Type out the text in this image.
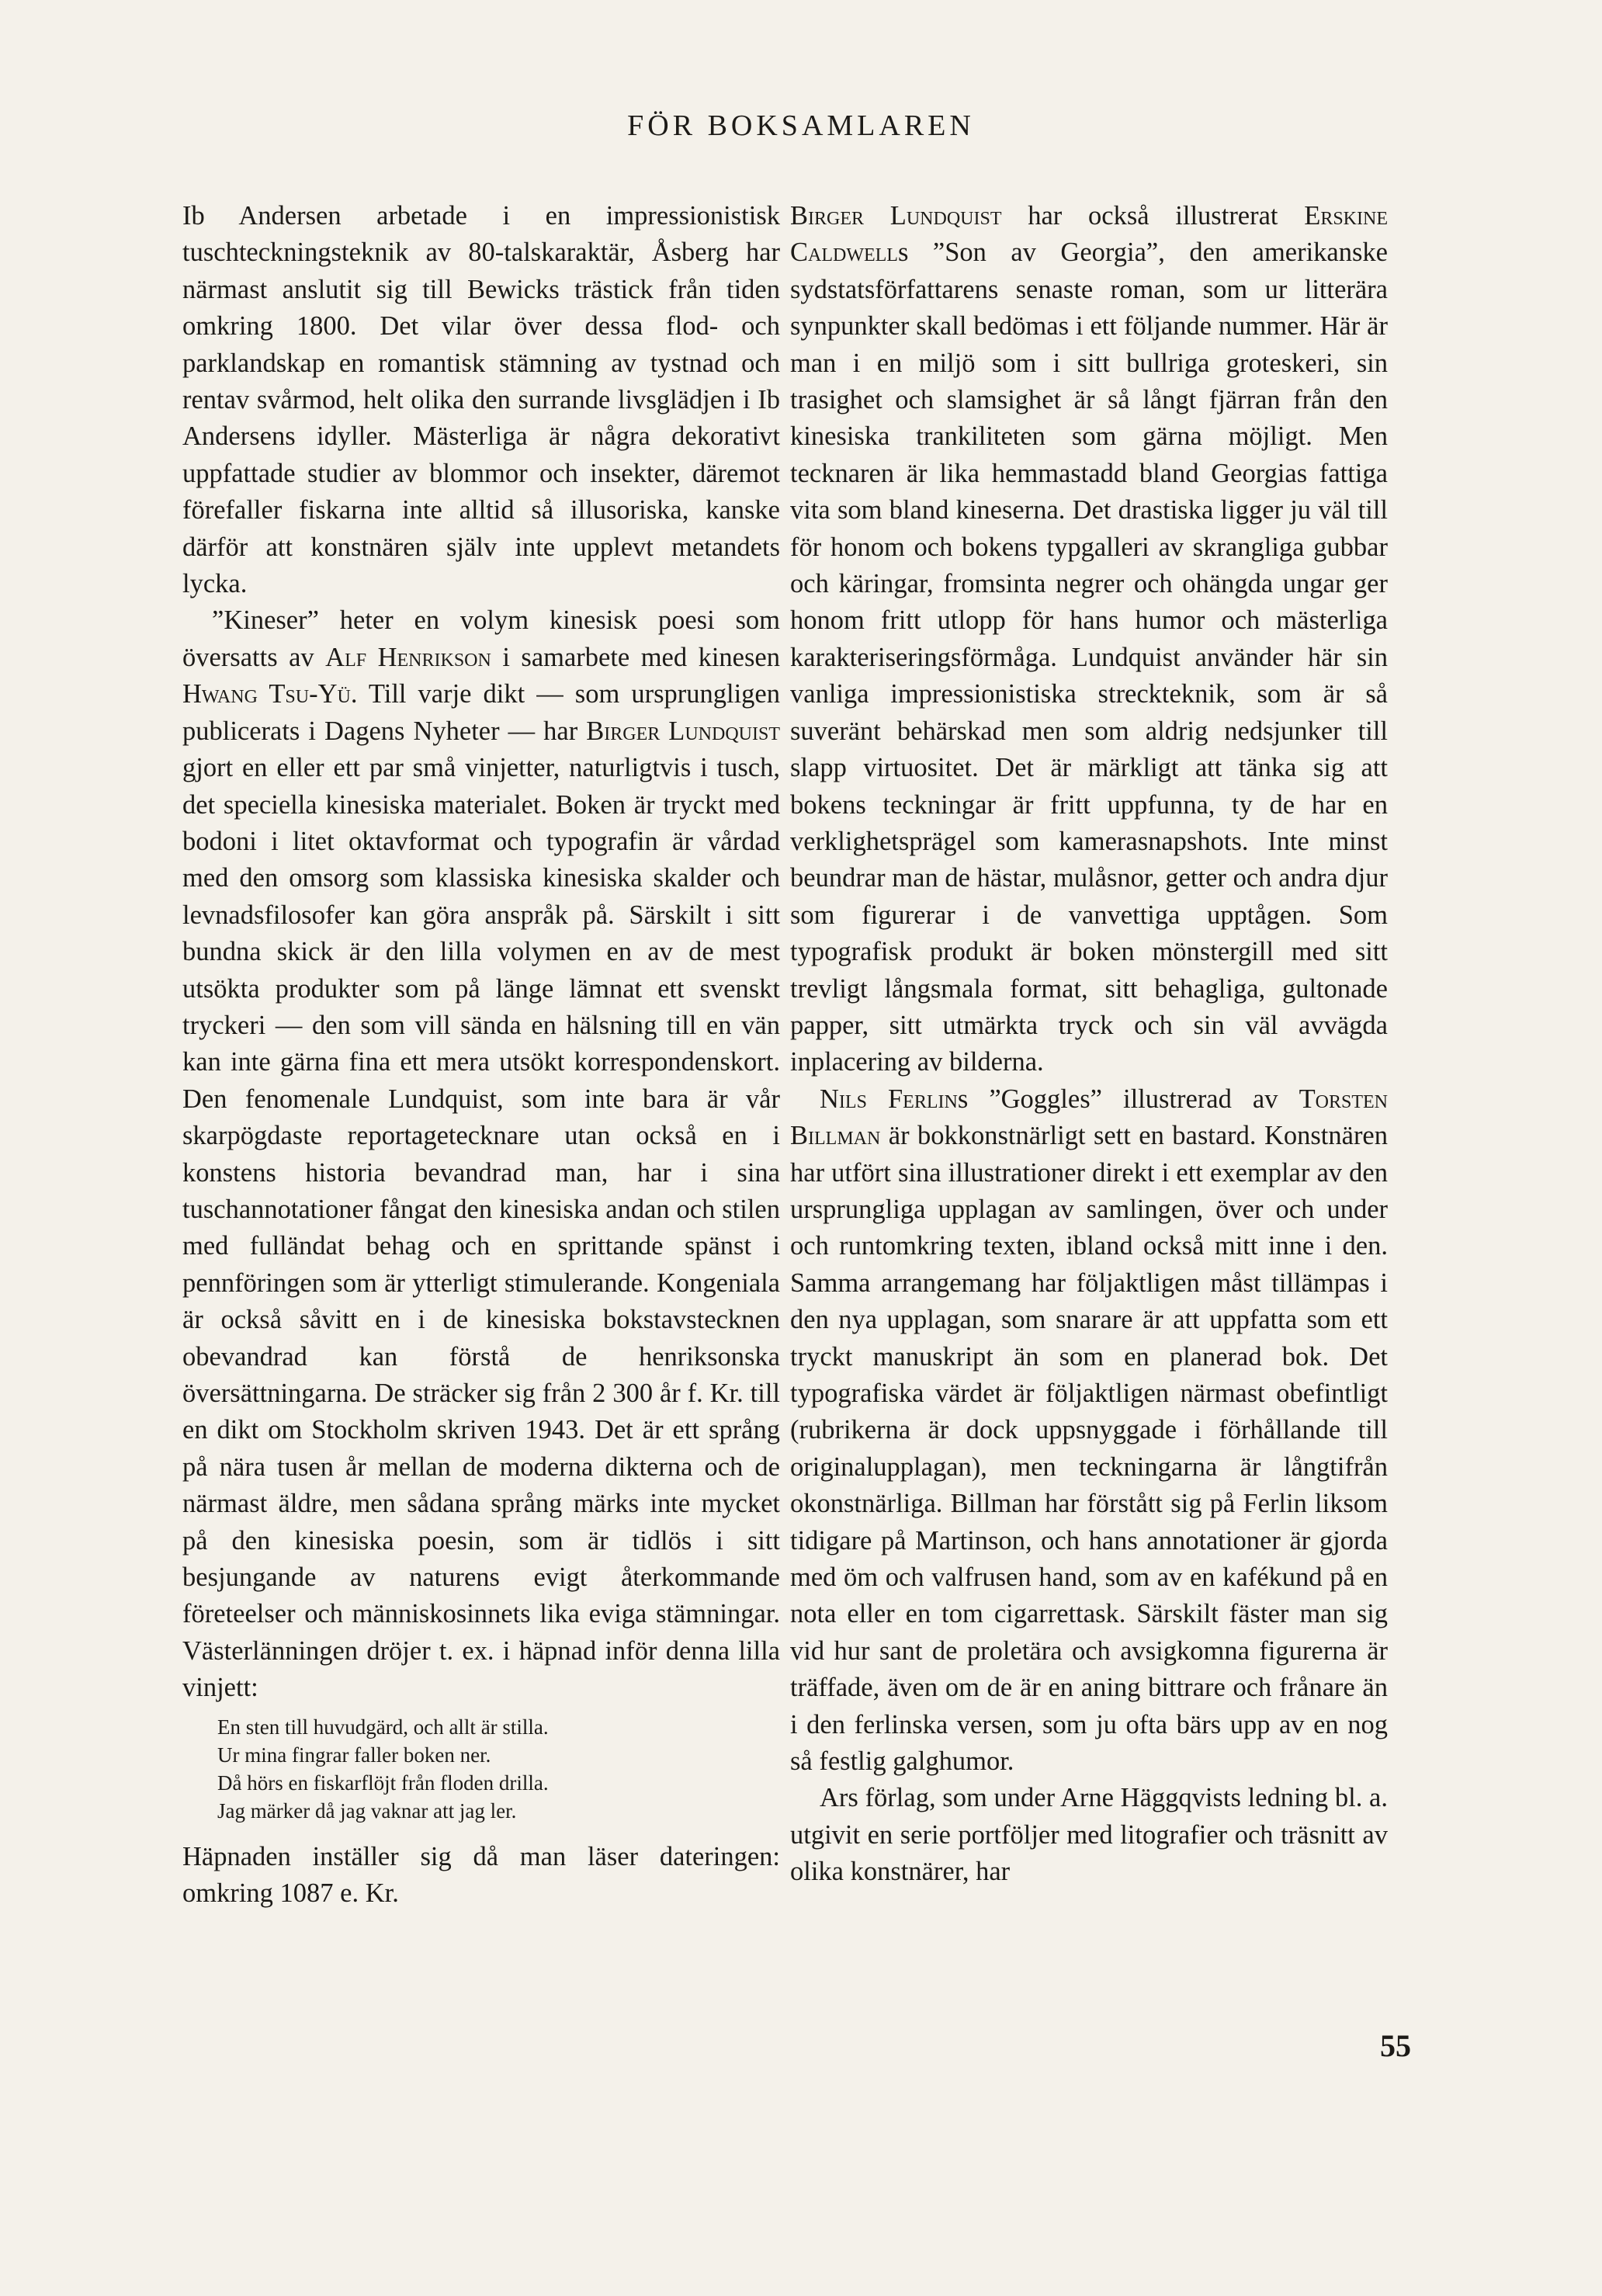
FÖR BOKSAMLAREN

Ib Andersen arbetade i en impressionistisk tuschteckningsteknik av 80-talskaraktär, Åsberg har närmast anslutit sig till Bewicks trästick från tiden omkring 1800. Det vilar över dessa flod- och parklandskap en romantisk stämning av tystnad och rentav svårmod, helt olika den surrande livsglädjen i Ib Andersens idyller. Mästerliga är några dekorativt uppfattade studier av blommor och insekter, däremot förefaller fiskarna inte alltid så illusoriska, kanske därför att konstnären själv inte upplevt metandets lycka.

”Kineser” heter en volym kinesisk poesi som översatts av Alf Henrikson i samarbete med kinesen Hwang Tsu-Yü. Till varje dikt — som ursprungligen publicerats i Dagens Nyheter — har Birger Lundquist gjort en eller ett par små vinjetter, naturligtvis i tusch, det speciella kinesiska materialet. Boken är tryckt med bodoni i litet oktavformat och typografin är vårdad med den omsorg som klassiska kinesiska skalder och levnadsfilosofer kan göra anspråk på. Särskilt i sitt bundna skick är den lilla volymen en av de mest utsökta produkter som på länge lämnat ett svenskt tryckeri — den som vill sända en hälsning till en vän kan inte gärna fina ett mera utsökt korrespondenskort. Den fenomenale Lundquist, som inte bara är vår skarpögdaste reportagetecknare utan också en i konstens historia bevandrad man, har i sina tuschannotationer fångat den kinesiska andan och stilen med fulländat behag och en sprittande spänst i pennföringen som är ytterligt stimulerande. Kongeniala är också såvitt en i de kinesiska bokstavstecknen obevandrad kan förstå de henriksonska översättningarna. De sträcker sig från 2 300 år f. Kr. till en dikt om Stockholm skriven 1943. Det är ett språng på nära tusen år mellan de moderna dikterna och de närmast äldre, men sådana språng märks inte mycket på den kinesiska poesin, som är tidlös i sitt besjungande av naturens evigt återkommande företeelser och människosinnets lika eviga stämningar. Västerlänningen dröjer t. ex. i häpnad inför denna lilla vinjett:

En sten till huvudgärd, och allt är stilla.
Ur mina fingrar faller boken ner.
Då hörs en fiskarflöjt från floden drilla.
Jag märker då jag vaknar att jag ler.

Häpnaden inställer sig då man läser dateringen: omkring 1087 e. Kr.

Birger Lundquist har också illustrerat Erskine Caldwells ”Son av Georgia”, den amerikanske sydstatsförfattarens senaste roman, som ur litterära synpunkter skall bedömas i ett följande nummer. Här är man i en miljö som i sitt bullriga groteskeri, sin trasighet och slamsighet är så långt fjärran från den kinesiska trankiliteten som gärna möjligt. Men tecknaren är lika hemmastadd bland Georgias fattiga vita som bland kineserna. Det drastiska ligger ju väl till för honom och bokens typgalleri av skrangliga gubbar och käringar, fromsinta negrer och ohängda ungar ger honom fritt utlopp för hans humor och mästerliga karakteriseringsförmåga. Lundquist använder här sin vanliga impressionistiska streckteknik, som är så suveränt behärskad men som aldrig nedsjunker till slapp virtuositet. Det är märkligt att tänka sig att bokens teckningar är fritt uppfunna, ty de har en verklighetsprägel som kamerasnapshots. Inte minst beundrar man de hästar, mulåsnor, getter och andra djur som figurerar i de vanvettiga upptågen. Som typografisk produkt är boken mönstergill med sitt trevligt långsmala format, sitt behagliga, gultonade papper, sitt utmärkta tryck och sin väl avvägda inplacering av bilderna.

Nils Ferlins ”Goggles” illustrerad av Torsten Billman är bokkonstnärligt sett en bastard. Konstnären har utfört sina illustrationer direkt i ett exemplar av den ursprungliga upplagan av samlingen, över och under och runtomkring texten, ibland också mitt inne i den. Samma arrangemang har följaktligen måst tillämpas i den nya upplagan, som snarare är att uppfatta som ett tryckt manuskript än som en planerad bok. Det typografiska värdet är följaktligen närmast obefintligt (rubrikerna är dock uppsnyggade i förhållande till originalupplagan), men teckningarna är långtifrån okonstnärliga. Billman har förstått sig på Ferlin liksom tidigare på Martinson, och hans annotationer är gjorda med öm och valfrusen hand, som av en kafékund på en nota eller en tom cigarrettask. Särskilt fäster man sig vid hur sant de proletära och avsigkomna figurerna är träffade, även om de är en aning bittrare och frånare än i den ferlinska versen, som ju ofta bärs upp av en nog så festlig galghumor.

Ars förlag, som under Arne Häggqvists ledning bl. a. utgivit en serie portföljer med litografier och träsnitt av olika konstnärer, har

55
